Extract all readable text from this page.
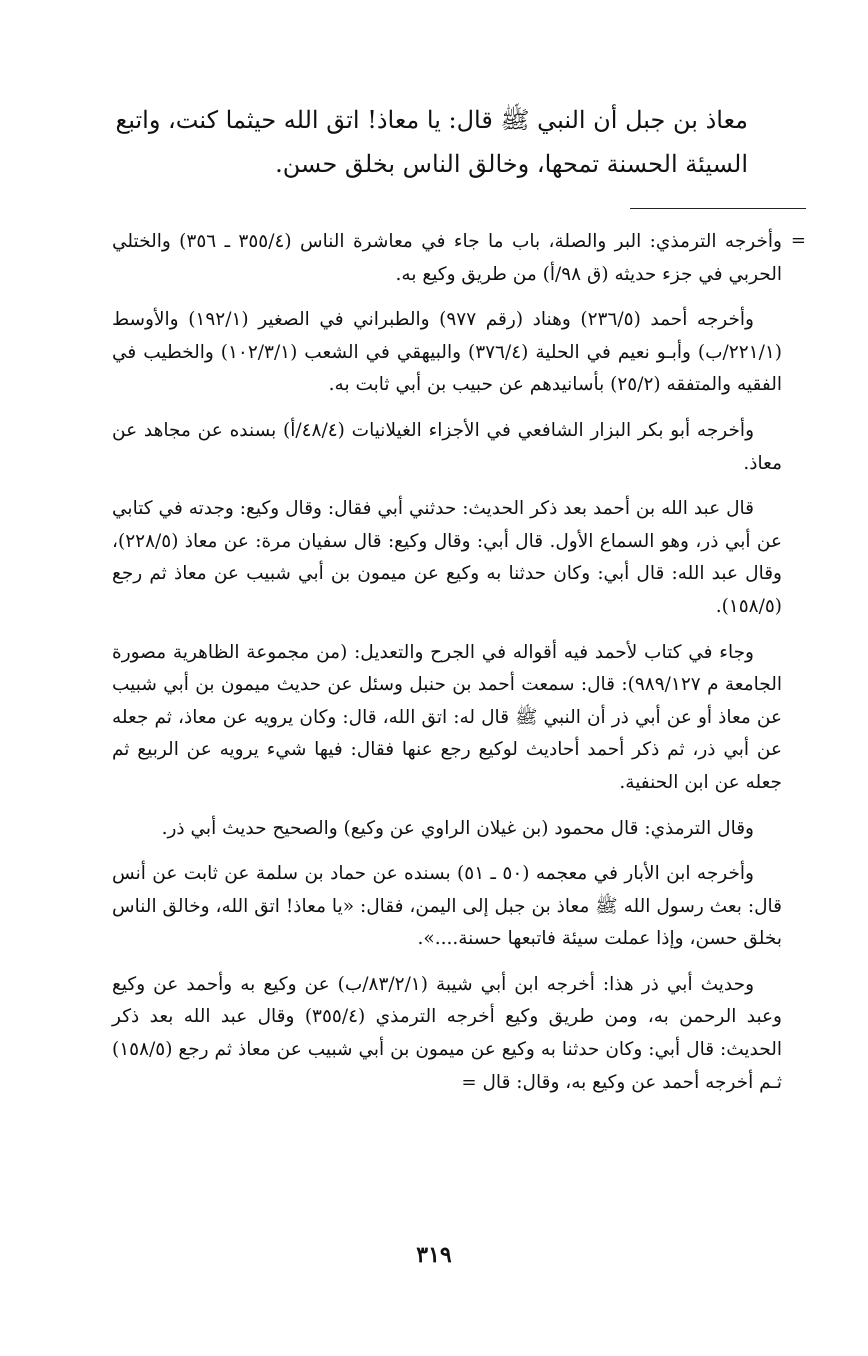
معاذ بن جبل أن النبي ﷺ قال: يا معاذ! اتق الله حيثما كنت، واتبع

السيئة الحسنة تمحها، وخالق الناس بخلق حسن.

=

وأخرجه الترمذي: البر والصلة، باب ما جاء في معاشرة الناس (٣٥٥/٤ ـ ٣٥٦) والختلي الحربي في جزء حديثه (ق ٩٨/أ) من طريق وكيع به.

وأخرجه أحمد (٢٣٦/٥) وهناد (رقم ٩٧٧) والطبراني في الصغير (١٩٢/١) والأوسط (٢٢١/١/ب) وأبـو نعيم في الحلية (٣٧٦/٤) والبيهقي في الشعب (١٠٢/٣/١) والخطيب في الفقيه والمتفقه (٢٥/٢) بأسانيدهم عن حبيب بن أبي ثابت به.

وأخرجه أبو بكر البزار الشافعي في الأجزاء الغيلانيات (٤٨/٤/أ) بسنده عن مجاهد عن معاذ.

قال عبد الله بن أحمد بعد ذكر الحديث: حدثني أبي فقال: وقال وكيع: وجدته في كتابي عن أبي ذر، وهو السماع الأول. قال أبي: وقال وكيع: قال سفيان مرة: عن معاذ (٢٢٨/٥)، وقال عبد الله: قال أبي: وكان حدثنا به وكيع عن ميمون بن أبي شبيب عن معاذ ثم رجع (١٥٨/٥).

وجاء في كتاب لأحمد فيه أقواله في الجرح والتعديل: (من مجموعة الظاهرية مصورة الجامعة م ٩٨٩/١٢٧): قال: سمعت أحمد بن حنبل وسئل عن حديث ميمون بن أبي شبيب عن معاذ أو عن أبي ذر أن النبي ﷺ قال له: اتق الله، قال: وكان يرويه عن معاذ، ثم جعله عن أبي ذر، ثم ذكر أحمد أحاديث لوكيع رجع عنها فقال: فيها شيء يرويه عن الربيع ثم جعله عن ابن الحنفية.

وقال الترمذي: قال محمود (بن غيلان الراوي عن وكيع) والصحيح حديث أبي ذر.

وأخرجه ابن الأبار في معجمه (٥٠ ـ ٥١) بسنده عن حماد بن سلمة عن ثابت عن أنس قال: بعث رسول الله ﷺ معاذ بن جبل إلى اليمن، فقال: «يا معاذ! اتق الله، وخالق الناس بخلق حسن، وإذا عملت سيئة فاتبعها حسنة....».

وحديث أبي ذر هذا: أخرجه ابن أبي شيبة (٨٣/٢/١/ب) عن وكيع به وأحمد عن وكيع وعبد الرحمن به، ومن طريق وكيع أخرجه الترمذي (٣٥٥/٤) وقال عبد الله بعد ذكر الحديث: قال أبي: وكان حدثنا به وكيع عن ميمون بن أبي شبيب عن معاذ ثم رجع (١٥٨/٥) ثـم أخرجه أحمد عن وكيع به، وقال: قال =

٣١٩
